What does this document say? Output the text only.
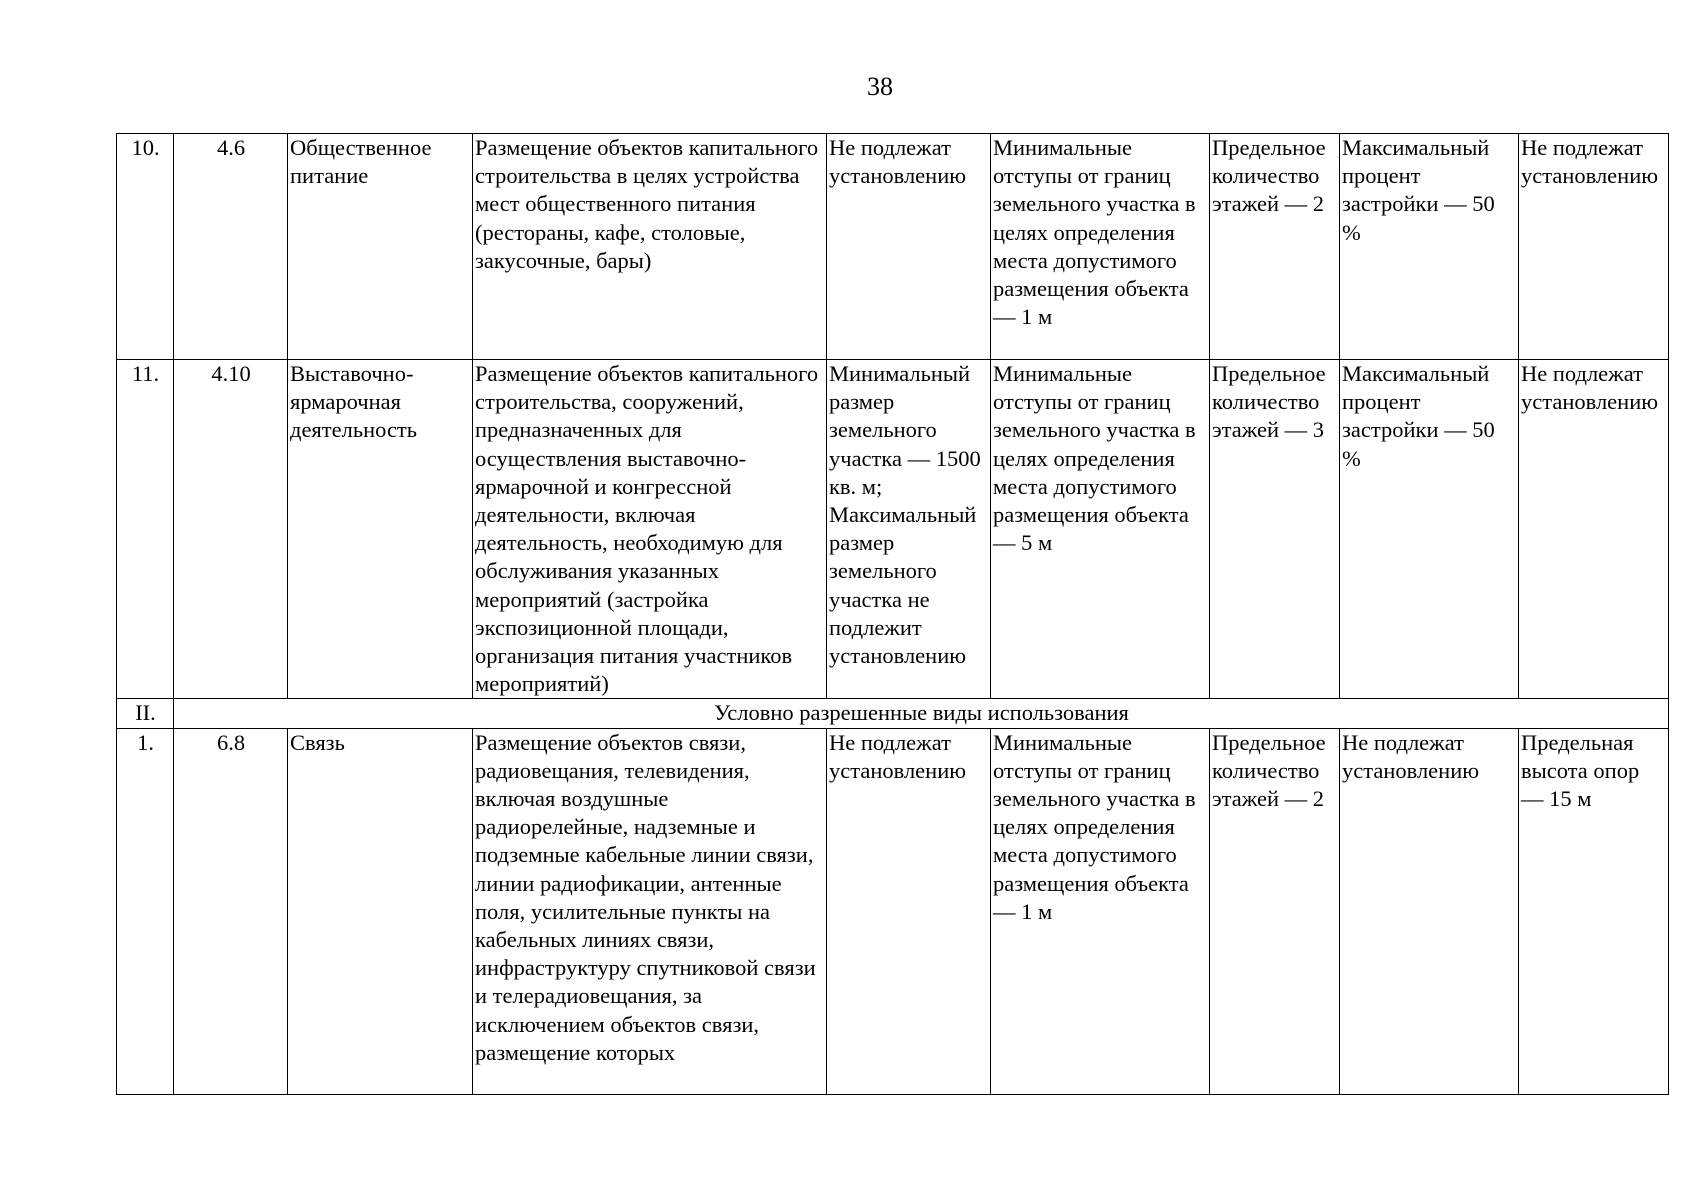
38
10.	4.6	Общественное питание	Размещение объектов капитального строительства в целях устройства мест общественного питания (рестораны, кафе, столовые, закусочные, бары)	Не подлежат установлению	Минимальные отступы от границ земельного участка в целях определения места допустимого размещения объекта — 1 м	Предельное количество этажей — 2	Максимальный процент застройки — 50 %	Не подлежат установлению
11.	4.10	Выставочно-ярмарочная деятельность	Размещение объектов капитального строительства, сооружений, предназначенных для осуществления выставочно-ярмарочной и конгрессной деятельности, включая деятельность, необходимую для обслуживания указанных мероприятий (застройка экспозиционной площади, организация питания участников мероприятий)	Минимальный размер земельного участка — 1500 кв. м; Максимальный размер земельного участка не подлежит установлению	Минимальные отступы от границ земельного участка в целях определения места допустимого размещения объекта — 5 м	Предельное количество этажей — 3	Максимальный процент застройки — 50 %	Не подлежат установлению
II.	Условно разрешенные виды использования							
1.	6.8	Связь	Размещение объектов связи, радиовещания, телевидения, включая воздушные радиорелейные, надземные и подземные кабельные линии связи, линии радиофикации, антенные поля, усилительные пункты на кабельных линиях связи, инфраструктуру спутниковой связи и телерадиовещания, за исключением объектов связи, размещение которых	Не подлежат установлению	Минимальные отступы от границ земельного участка в целях определения места допустимого размещения объекта — 1 м	Предельное количество этажей — 2	Не подлежат установлению	Предельная высота опор — 15 м
